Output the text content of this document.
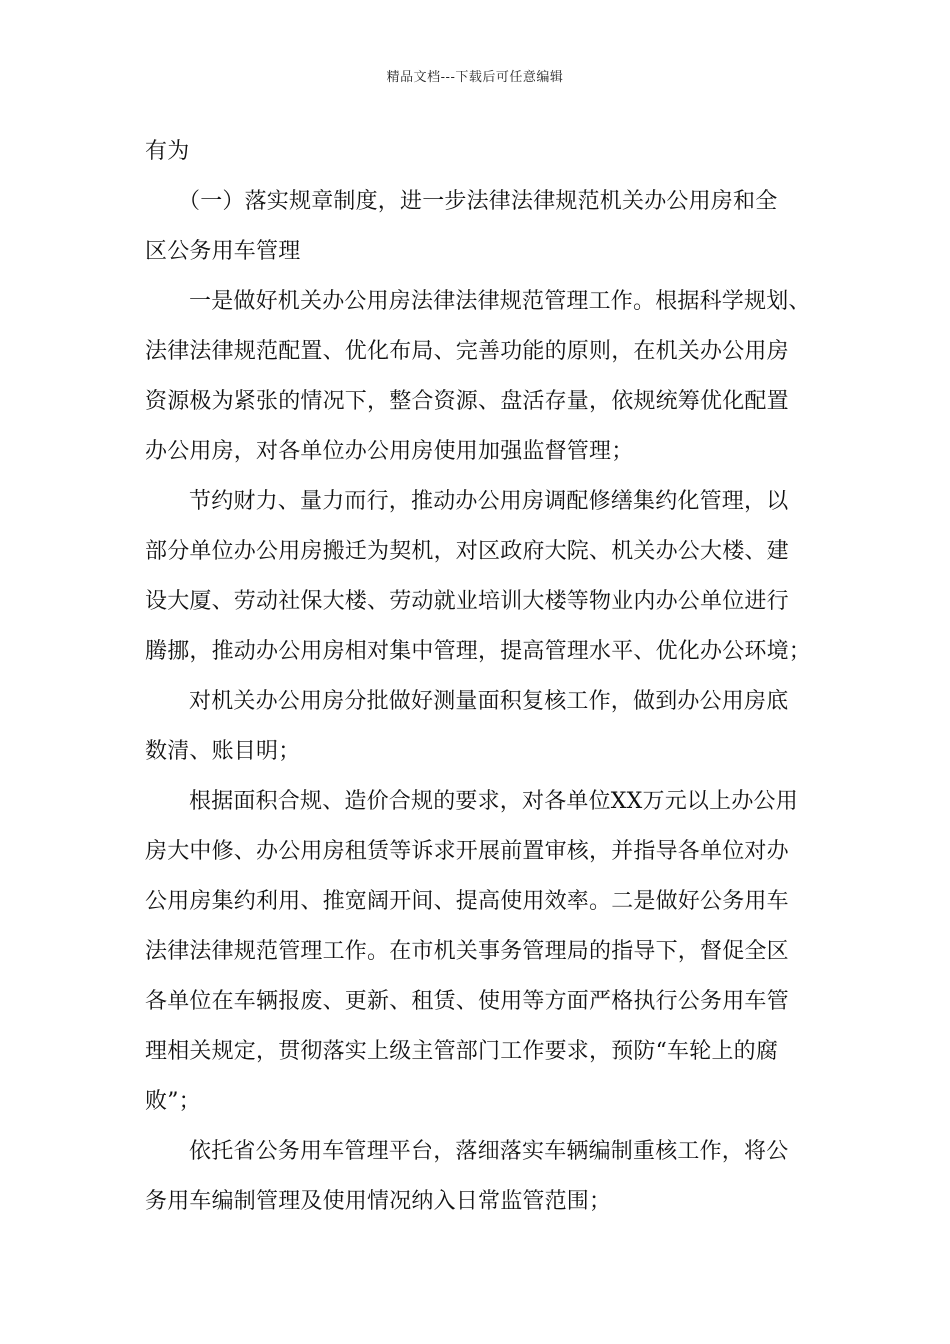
精品文档---下载后可任意编辑
有为
（一）落实规章制度，进一步法律法律规范机关办公用房和全
区公务用车管理
一是做好机关办公用房法律法律规范管理工作。根据科学规划、
法律法律规范配置、优化布局、完善功能的原则，在机关办公用房
资源极为紧张的情况下，整合资源、盘活存量，依规统筹优化配置
办公用房，对各单位办公用房使用加强监督管理；
节约财力、量力而行，推动办公用房调配修缮集约化管理，以
部分单位办公用房搬迁为契机，对区政府大院、机关办公大楼、建
设大厦、劳动社保大楼、劳动就业培训大楼等物业内办公单位进行
腾挪，推动办公用房相对集中管理，提高管理水平、优化办公环境；
对机关办公用房分批做好测量面积复核工作，做到办公用房底
数清、账目明；
根据面积合规、造价合规的要求，对各单位XX万元以上办公用
房大中修、办公用房租赁等诉求开展前置审核，并指导各单位对办
公用房集约利用、推宽阔开间、提高使用效率。二是做好公务用车
法律法律规范管理工作。在市机关事务管理局的指导下，督促全区
各单位在车辆报废、更新、租赁、使用等方面严格执行公务用车管
理相关规定，贯彻落实上级主管部门工作要求，预防“车轮上的腐
败”；
依托省公务用车管理平台，落细落实车辆编制重核工作，将公
务用车编制管理及使用情况纳入日常监管范围；
